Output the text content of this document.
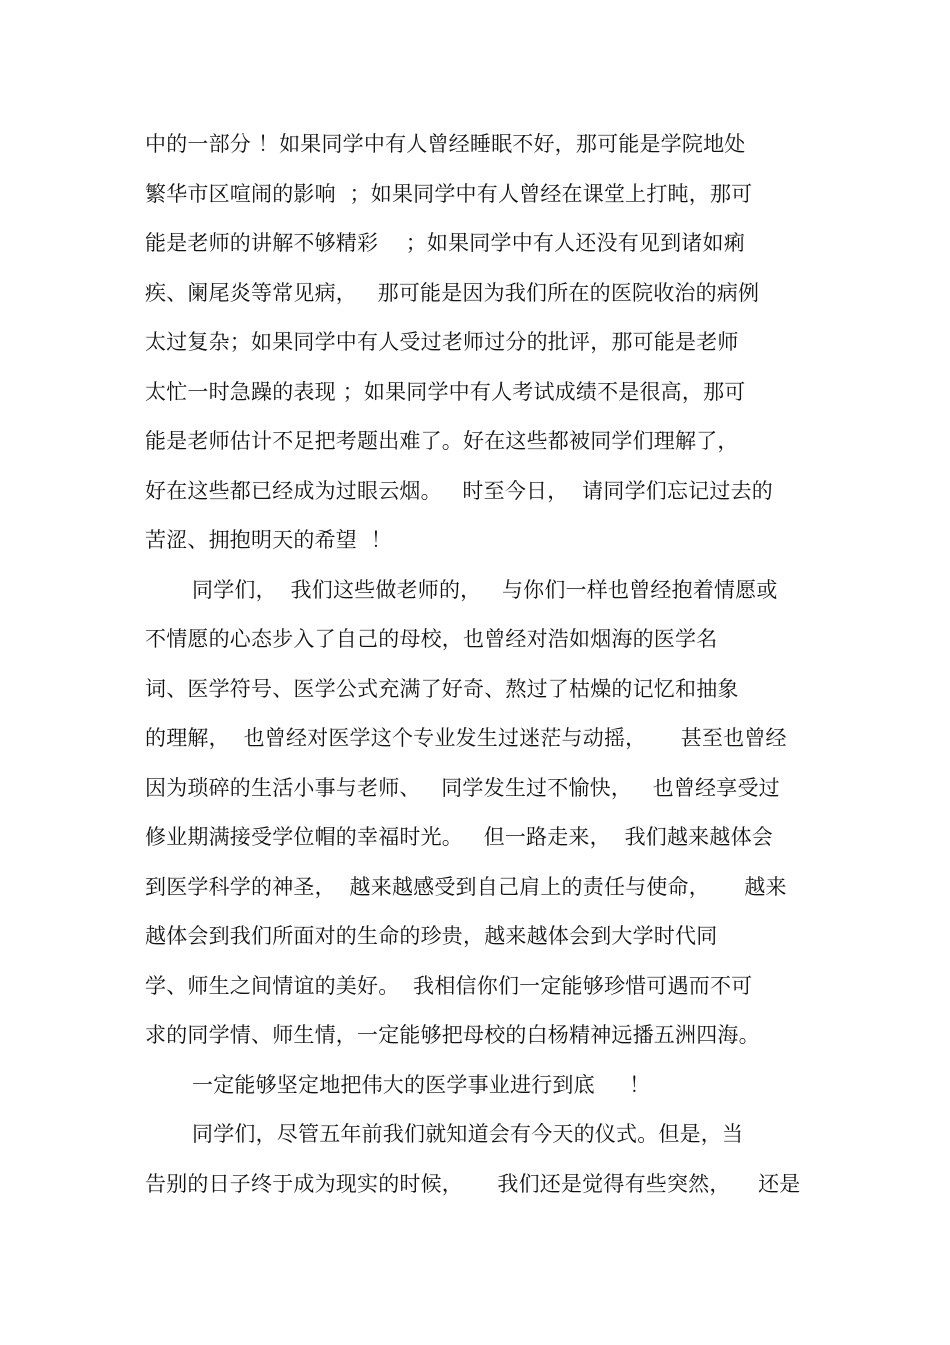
中的一部分 ！如果同学中有人曾经睡眠不好，那可能是学院地处
繁华市区喧闹的影响  ；如果同学中有人曾经在课堂上打盹，那可
能是老师的讲解不够精彩    ；如果同学中有人还没有见到诸如痢
疾、阑尾炎等常见病，   那可能是因为我们所在的医院收治的病例
太过复杂；如果同学中有人受过老师过分的批评，那可能是老师
太忙一时急躁的表现 ；如果同学中有人考试成绩不是很高，那可
能是老师估计不足把考题出难了。好在这些都被同学们理解了，
好在这些都已经成为过眼云烟。   时至今日，  请同学们忘记过去的
苦涩、拥抱明天的希望  ！
同学们，  我们这些做老师的，   与你们一样也曾经抱着情愿或
不情愿的心态步入了自己的母校，也曾经对浩如烟海的医学名
词、医学符号、医学公式充满了好奇、熬过了枯燥的记忆和抽象
的理解，  也曾经对医学这个专业发生过迷茫与动摇，     甚至也曾经
因为琐碎的生活小事与老师、   同学发生过不愉快，   也曾经享受过
修业期满接受学位帽的幸福时光。   但一路走来，  我们越来越体会
到医学科学的神圣，  越来越感受到自己肩上的责任与使命，     越来
越体会到我们所面对的生命的珍贵，越来越体会到大学时代同
学、师生之间情谊的美好。  我相信你们一定能够珍惜可遇而不可
求的同学情、师生情，一定能够把母校的白杨精神远播五洲四海。
一定能够坚定地把伟大的医学事业进行到底     ！
同学们，尽管五年前我们就知道会有今天的仪式。但是，当
告别的日子终于成为现实的时候，     我们还是觉得有些突然，    还是
